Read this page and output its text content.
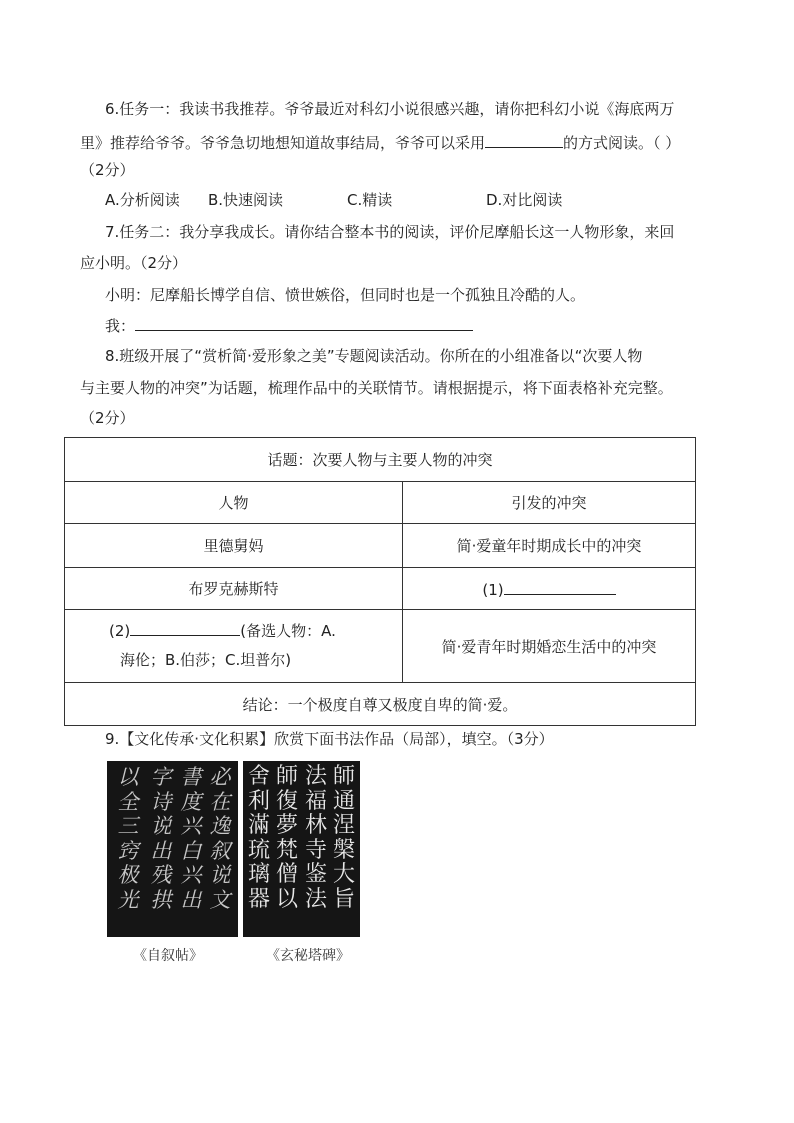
6.任务一：我读书我推荐。爷爷最近对科幻小说很感兴趣，请你把科幻小说《海底两万
里》推荐给爷爷。爷爷急切地想知道故事结局，爷爷可以采用	的方式阅读。（ ）
（2分）
A.分析阅读 B.快速阅读	C.精读	D.对比阅读
7.任务二：我分享我成长。请你结合整本书的阅读，评价尼摩船长这一人物形象，来回
应小明。（2分）
小明：尼摩船长博学自信、愤世嫉俗，但同时也是一个孤独且冷酷的人。
我：
8.班级开展了“赏析简·爱形象之美”专题阅读活动。你所在的小组准备以“次要人物
与主要人物的冲突”为话题，梳理作品中的关联情节。请根据提示，将下面表格补充完整。
（2分）
话题：次要人物与主要人物的冲突	
人物	引发的冲突
里德舅妈	简·爱童年时期成长中的冲突
布罗克赫斯特	(1)
(2) (备选人物：A.
海伦；B.伯莎；C.坦普尔)	简·爱青年时期婚恋生活中的冲突
结论：一个极度自尊又极度自卑的简·爱。	
9.【文化传承·文化积累】欣赏下面书法作品（局部），填空。（3分）
必
在
逸
叙
说
文
書
度
兴
白
兴
出
字
诗
说
出
残
拱
以
全
三
窍
极
光
師
通
涅
槃
大
旨
法
福
林
寺
鉴
法
師
復
夢
梵
僧
以
舍
利
滿
琉
璃
器
《自叙帖》	《玄秘塔碑》
